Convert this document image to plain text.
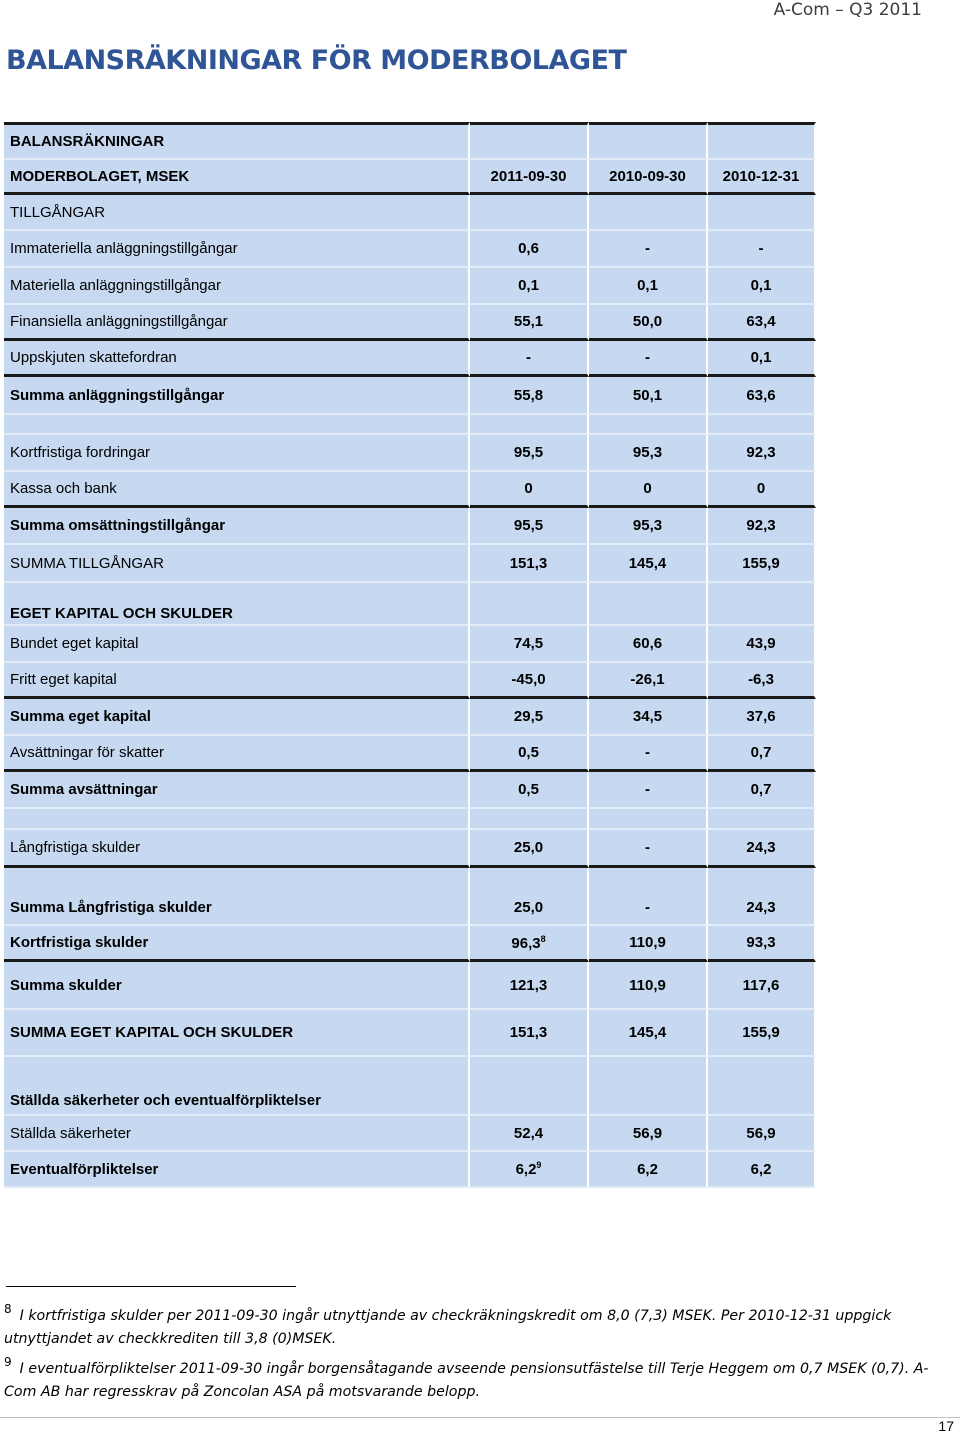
A-Com – Q3 2011
BALANSRÄKNINGAR FÖR MODERBOLAGET
BALANSRÄKNINGAR			
MODERBOLAGET, MSEK	2011-09-30	2010-09-30	2010-12-31
TILLGÅNGAR			
Immateriella anläggningstillgångar	0,6	-	-
Materiella anläggningstillgångar	0,1	0,1	0,1
Finansiella anläggningstillgångar	55,1	50,0	63,4
Uppskjuten skattefordran	-	-	0,1
Summa anläggningstillgångar	55,8	50,1	63,6

Kortfristiga fordringar	95,5	95,3	92,3
Kassa och bank	0	0	0
Summa omsättningstillgångar	95,5	95,3	92,3
SUMMA TILLGÅNGAR	151,3	145,4	155,9
EGET KAPITAL OCH SKULDER			
Bundet eget kapital	74,5	60,6	43,9
Fritt eget kapital	-45,0	-26,1	-6,3
Summa eget kapital	29,5	34,5	37,6
Avsättningar för skatter	0,5	-	0,7
Summa avsättningar	0,5	-	0,7

Långfristiga skulder	25,0	-	24,3
Summa Långfristiga skulder	25,0	-	24,3
Kortfristiga skulder	96,3$^8$	110,9	93,3
Summa skulder	121,3	110,9	117,6
SUMMA EGET KAPITAL OCH SKULDER	151,3	145,4	155,9
Ställda säkerheter och eventualförpliktelser			
Ställda säkerheter	52,4	56,9	56,9
Eventualförpliktelser	$6,2^9$	6,2	6,2
$^8$ I kortfristiga skulder per 2011-09-30 ingår utnyttjande av checkräkningskredit om 8,0 (7,3) MSEK. Per 2010-12-31 uppgick utnyttjandet av checkkrediten till 3,8 (0)MSEK.
$^9$ I eventualförpliktelser 2011-09-30 ingår borgensåtagande avseende pensionsutfästelse till Terje Heggem om 0,7 MSEK (0,7). A-Com AB har regresskrav på Zoncolan ASA på motsvarande belopp.
17
